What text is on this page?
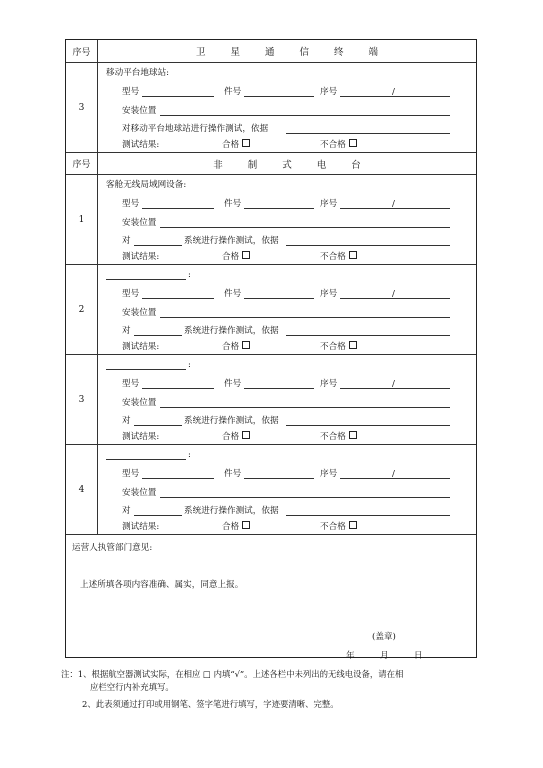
序号	卫 星 通 信 终 端
3
移动平台地球站:
型号	件号	序号	/
安装位置
对移动平台地球站进行操作测试，依据
测试结果:	合格	不合格
序号	非 制 式 电 台
1
客舱无线局域网设备:
型号	件号	序号	/
安装位置
对	系统进行操作测试，依据
测试结果:	合格	不合格
2
:
型号	件号	序号	/
安装位置
对	系统进行操作测试，依据
测试结果:	合格	不合格
3
:
型号	件号	序号	/
安装位置
对	系统进行操作测试，依据
测试结果:	合格	不合格
4
:
型号	件号	序号	/
安装位置
对	系统进行操作测试，依据
测试结果:	合格	不合格
运营人执管部门意见:
上述所填各项内容准确、属实，同意上报。
(盖章)
年	月	日
注：1、根据航空器测试实际，在相应 □ 内填“√”。上述各栏中未列出的无线电设备，请在相
应栏空行内补充填写。
2、此表须通过打印或用钢笔、签字笔进行填写，字迹要清晰、完整。
